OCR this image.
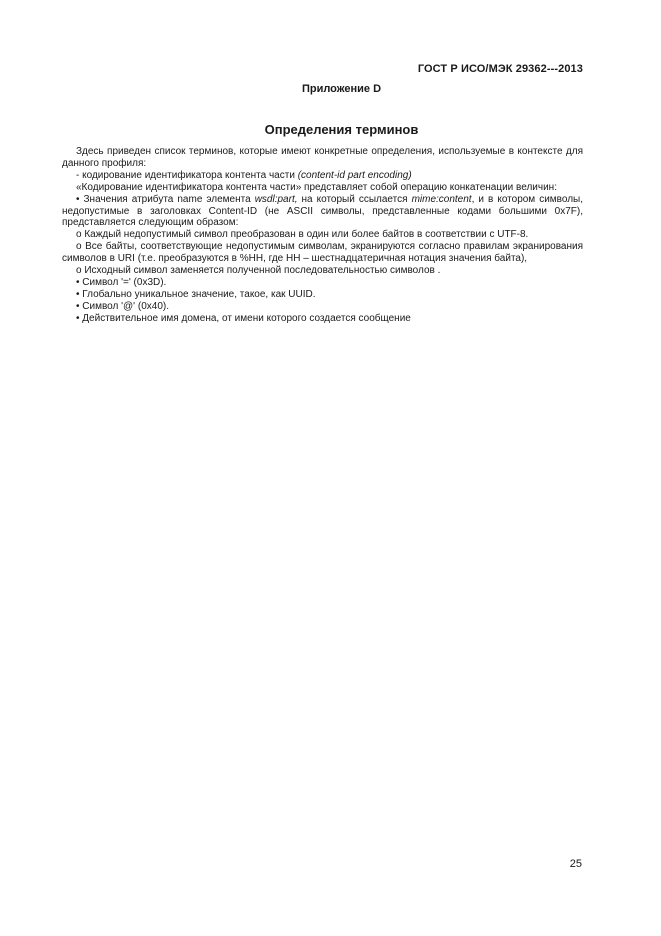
ГОСТ Р ИСО/МЭК 29362---2013
Приложение D
Определения терминов

Здесь приведен список терминов, которые имеют конкретные определения, используемые в контексте для данного профиля:

- кодирование идентификатора контента части (content-id part encoding)

«Кодирование идентификатора контента части» представляет собой операцию конкатенации величин:

• Значения атрибута name элемента wsdl:part, на который ссылается mime:content, и в котором символы, недопустимые в заголовках Content-ID (не ASCII символы, представленные кодами большими 0x7F), представляется следующим образом:

o Каждый недопустимый символ преобразован в один или более байтов в соответствии с UTF-8.

o Все байты, соответствующие недопустимым символам, экранируются согласно правилам экранирования символов в URI (т.е. преобразуются в %HH, где HH – шестнадцатеричная нотация значения байта),

o Исходный символ заменяется полученной последовательностью символов .

• Символ '=' (0x3D).

• Глобально уникальное значение, такое, как UUID.

• Символ '@' (0x40).

• Действительное имя домена, от имени которого создается сообщение

25
